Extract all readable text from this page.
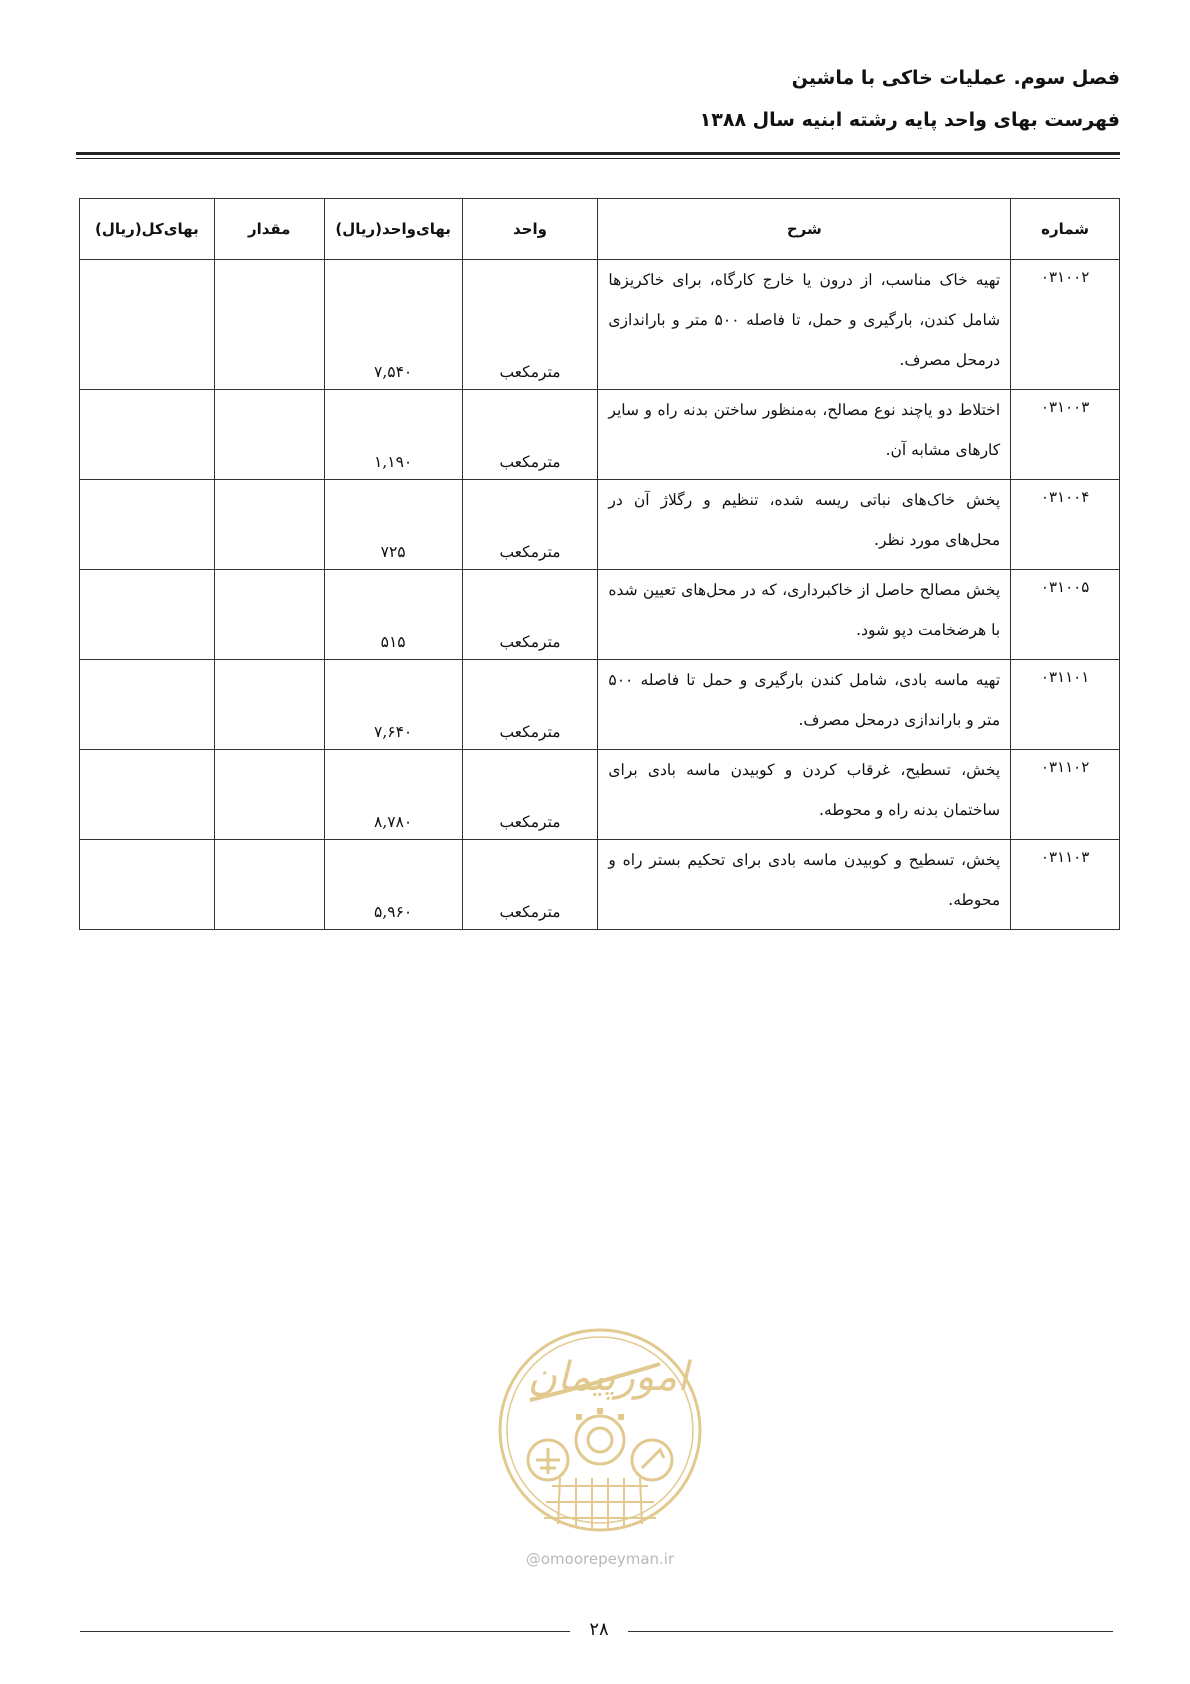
فصل سوم. عملیات خاکی با ماشین
فهرست بهای واحد پایه رشته ابنیه سال ۱۳۸۸
شماره	شرح	واحد	بهای‌واحد(ریال)	مقدار	بهای‌کل(ریال)
۰۳۱۰۰۲	تهیه خاک مناسب، از درون یا خارج کارگاه، برای خاکریزها شامل کندن، بارگیری و حمل، تا فاصله ۵۰۰ متر و باراندازی درمحل مصرف.	مترمکعب	۷,۵۴۰		
۰۳۱۰۰۳	اختلاط دو یاچند نوع مصالح، به‌منظور ساختن بدنه راه و سایر کارهای مشابه آن.	مترمکعب	۱,۱۹۰		
۰۳۱۰۰۴	پخش خاک‌های نباتی ریسه شده، تنظیم و رگلاژ آن در محل‌های مورد نظر.	مترمکعب	۷۲۵		
۰۳۱۰۰۵	پخش مصالح حاصل از خاکبرداری، که در محل‌های تعیین شده با هرضخامت دپو شود.	مترمکعب	۵۱۵		
۰۳۱۱۰۱	تهیه ماسه بادی، شامل کندن بارگیری و حمل تا فاصله ۵۰۰ متر و باراندازی درمحل مصرف.	مترمکعب	۷,۶۴۰		
۰۳۱۱۰۲	پخش، تسطیح، غرقاب کردن و کوبیدن ماسه بادی برای ساختمان بدنه راه و محوطه.	مترمکعب	۸,۷۸۰		
۰۳۱۱۰۳	پخش، تسطیح و کوبیدن ماسه بادی برای تحکیم بستر راه و محوطه.	مترمکعب	۵,۹۶۰		
امورپیمان
@omoorepeyman.ir
۲۸
